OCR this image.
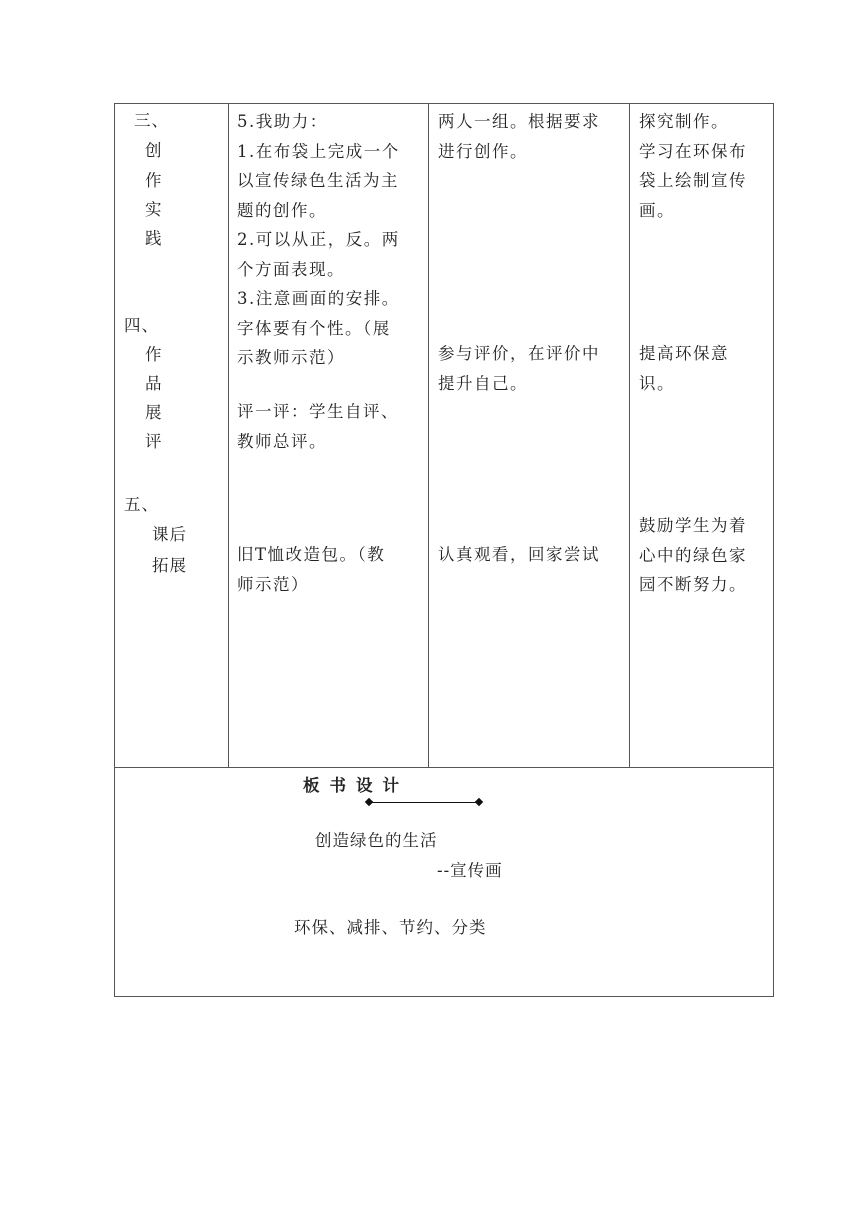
三、
创
作
实
践
四、
作
品
展
评
五、
课后
拓展
5.我助力：
1.在布袋上完成一个
以宣传绿色生活为主
题的创作。
2.可以从正，反。两
个方面表现。
3.注意画面的安排。
字体要有个性。（展
示教师示范）
评一评：学生自评、
教师总评。
旧T恤改造包。（教
师示范）
两人一组。根据要求
进行创作。
参与评价，在评价中
提升自己。
认真观看，回家尝试
探究制作。
学习在环保布
袋上绘制宣传
画。
提高环保意
识。
鼓励学生为着
心中的绿色家
园不断努力。
板书设计
创造绿色的生活
--宣传画
环保、减排、节约、分类
